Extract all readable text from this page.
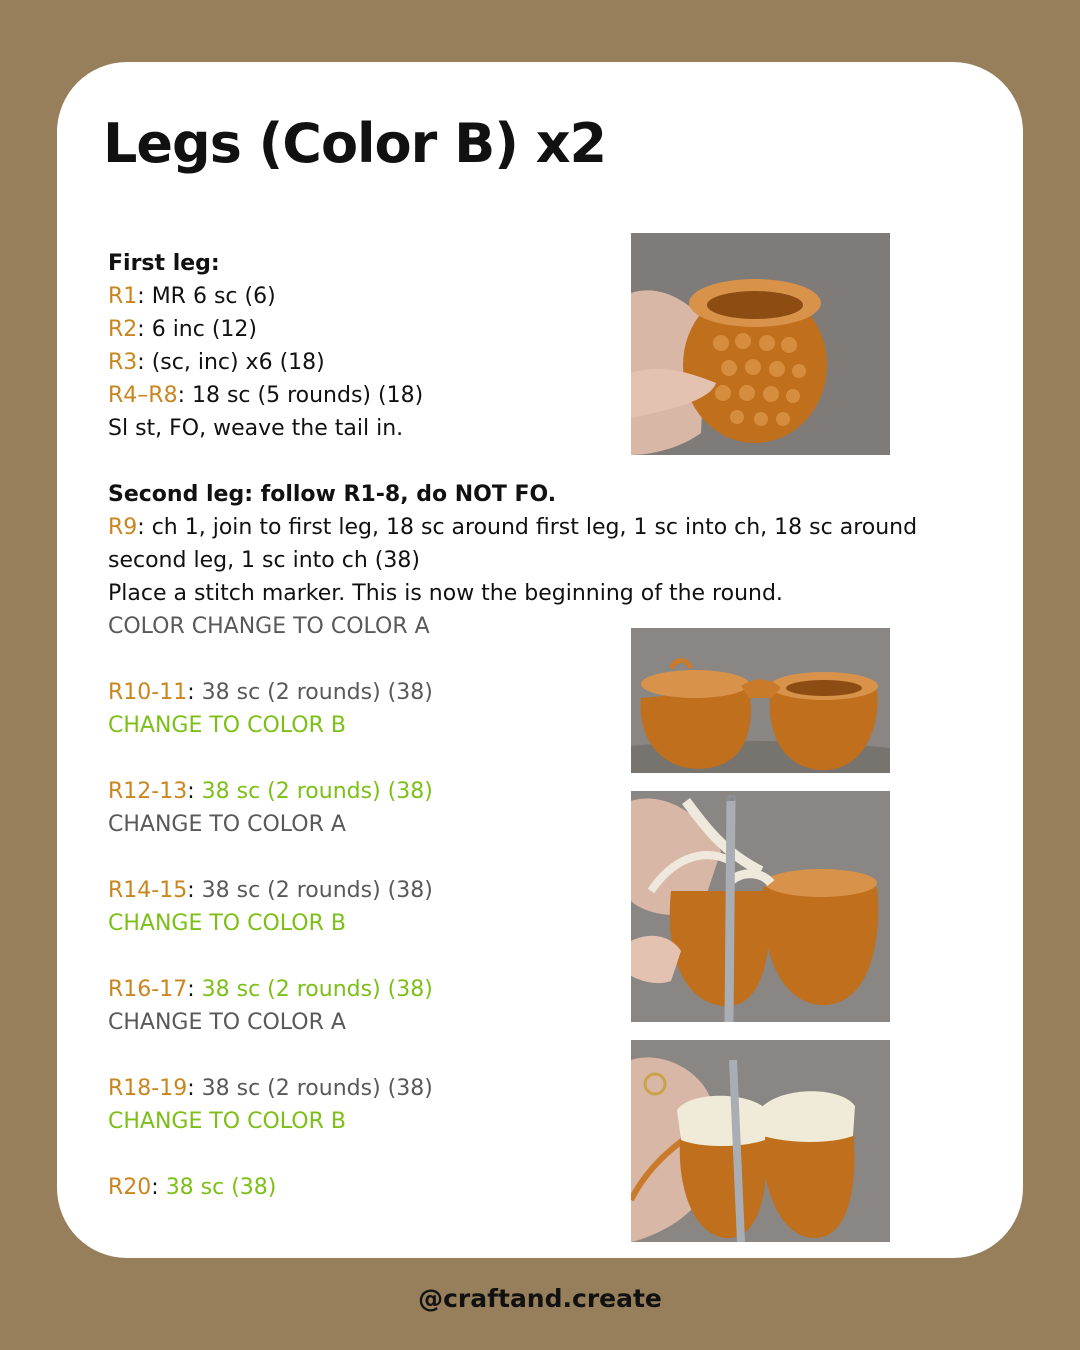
Legs (Color B) x2
First leg:
R1: MR 6 sc (6)
R2: 6 inc (12)
R3: (sc, inc) x6 (18)
R4–R8: 18 sc (5 rounds) (18)
Sl st, FO, weave the tail in.
Second leg: follow R1-8, do NOT FO.
R9: ch 1, join to first leg, 18 sc around first leg, 1 sc into ch, 18 sc around second leg, 1 sc into ch (38)
Place a stitch marker. This is now the beginning of the round.
COLOR CHANGE TO COLOR A
R10-11: 38 sc (2 rounds) (38)
CHANGE TO COLOR B
R12-13: 38 sc (2 rounds) (38)
CHANGE TO COLOR A
R14-15: 38 sc (2 rounds) (38)
CHANGE TO COLOR B
R16-17: 38 sc (2 rounds) (38)
CHANGE TO COLOR A
R18-19: 38 sc (2 rounds) (38)
CHANGE TO COLOR B
R20: 38 sc (38)
@craftand.create
